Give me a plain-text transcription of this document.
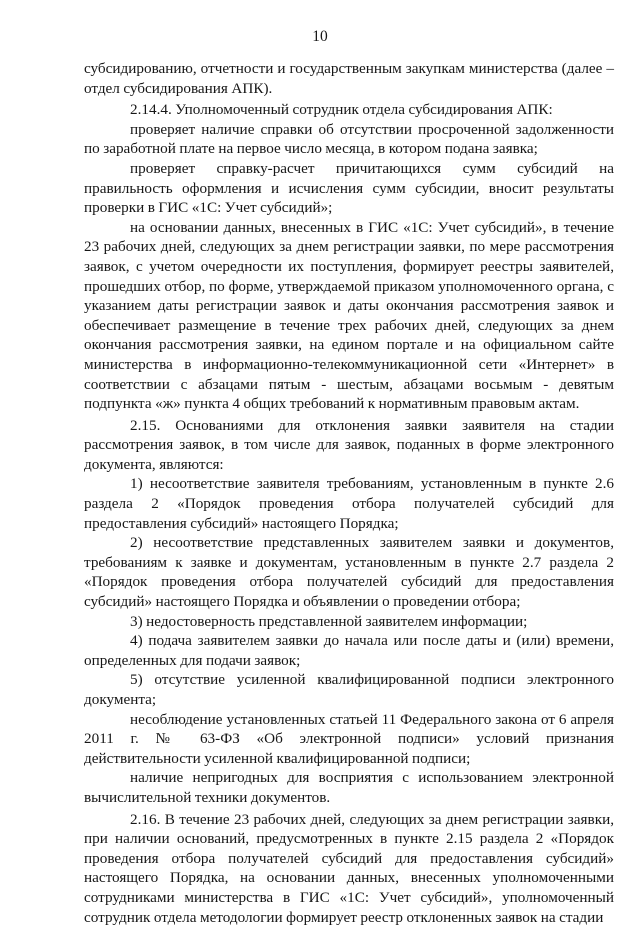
10

субсидированию, отчетности и государственным закупкам министерства (далее – отдел субсидирования АПК).

2.14.4. Уполномоченный сотрудник отдела субсидирования АПК:

проверяет наличие справки об отсутствии просроченной задолженности по заработной плате на первое число месяца, в котором подана заявка;

проверяет справку-расчет причитающихся сумм субсидий на правильность оформления и исчисления сумм субсидии, вносит результаты проверки в ГИС «1С: Учет субсидий»;

на основании данных, внесенных в ГИС «1С: Учет субсидий», в течение 23 рабочих дней, следующих за днем регистрации заявки, по мере рассмотрения заявок, с учетом очередности их поступления, формирует реестры заявителей, прошедших отбор, по форме, утверждаемой приказом уполномоченного органа, с указанием даты регистрации заявок и даты окончания рассмотрения заявок и обеспечивает размещение в течение трех рабочих дней, следующих за днем окончания рассмотрения заявки, на едином портале и на официальном сайте министерства в информационно-телекоммуникационной сети «Интернет» в соответствии с абзацами пятым - шестым, абзацами восьмым - девятым подпункта «ж» пункта 4 общих требований к нормативным правовым актам.

2.15. Основаниями для отклонения заявки заявителя на стадии рассмотрения заявок, в том числе для заявок, поданных в форме электронного документа, являются:

1) несоответствие заявителя требованиям, установленным в пункте 2.6 раздела 2 «Порядок проведения отбора получателей субсидий для предоставления субсидий» настоящего Порядка;

2) несоответствие представленных заявителем заявки и документов, требованиям к заявке и документам, установленным в пункте 2.7 раздела 2 «Порядок проведения отбора получателей субсидий для предоставления субсидий» настоящего Порядка и объявлении о проведении отбора;

3) недостоверность представленной заявителем информации;

4) подача заявителем заявки до начала или после даты и (или) времени, определенных для подачи заявок;

5) отсутствие усиленной квалифицированной подписи электронного документа;

несоблюдение установленных статьей 11 Федерального закона от 6 апреля 2011 г. № 63-ФЗ «Об электронной подписи» условий признания действительности усиленной квалифицированной подписи;

наличие непригодных для восприятия с использованием электронной вычислительной техники документов.

2.16. В течение 23 рабочих дней, следующих за днем регистрации заявки, при наличии оснований, предусмотренных в пункте 2.15 раздела 2 «Порядок проведения отбора получателей субсидий для предоставления субсидий» настоящего Порядка, на основании данных, внесенных уполномоченными сотрудниками министерства в ГИС «1С: Учет субсидий», уполномоченный сотрудник отдела методологии формирует реестр отклоненных заявок на стадии
